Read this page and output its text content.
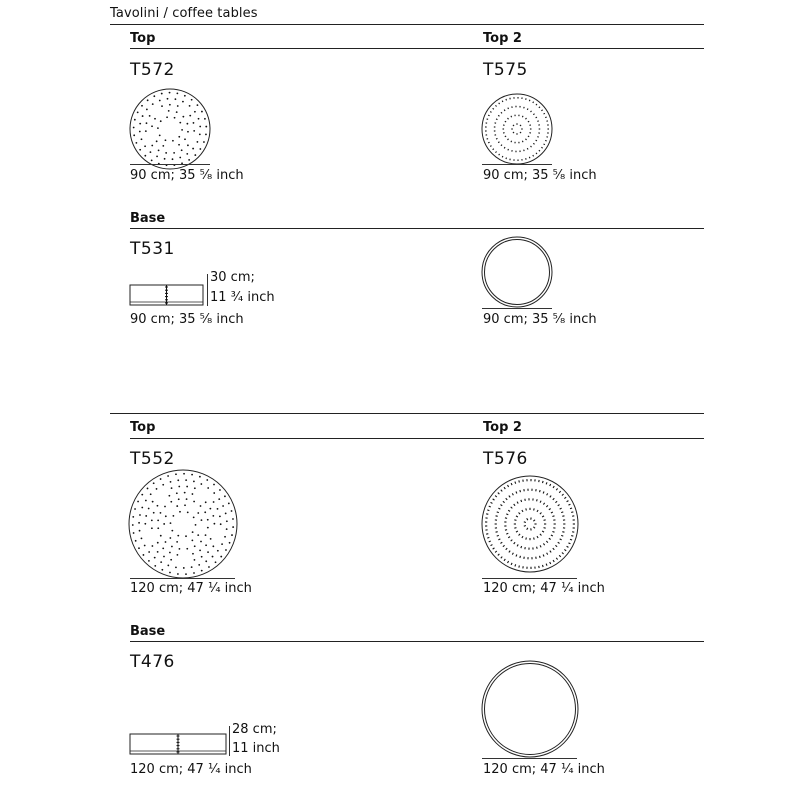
Tavolini / coffee tables
Top	Top 2
T572	T575
90 cm; 35 ⁵⁄₈ inch	90 cm; 35 ⁵⁄₈ inch
Base
T531
30 cm;
11 ³⁄₄ inch
90 cm; 35 ⁵⁄₈ inch	90 cm; 35 ⁵⁄₈ inch
Top	Top 2
T552	T576
120 cm; 47 ¹⁄₄ inch	120 cm; 47 ¹⁄₄ inch
Base
T476
28 cm;
11 inch
120 cm; 47 ¹⁄₄ inch	120 cm; 47 ¹⁄₄ inch
